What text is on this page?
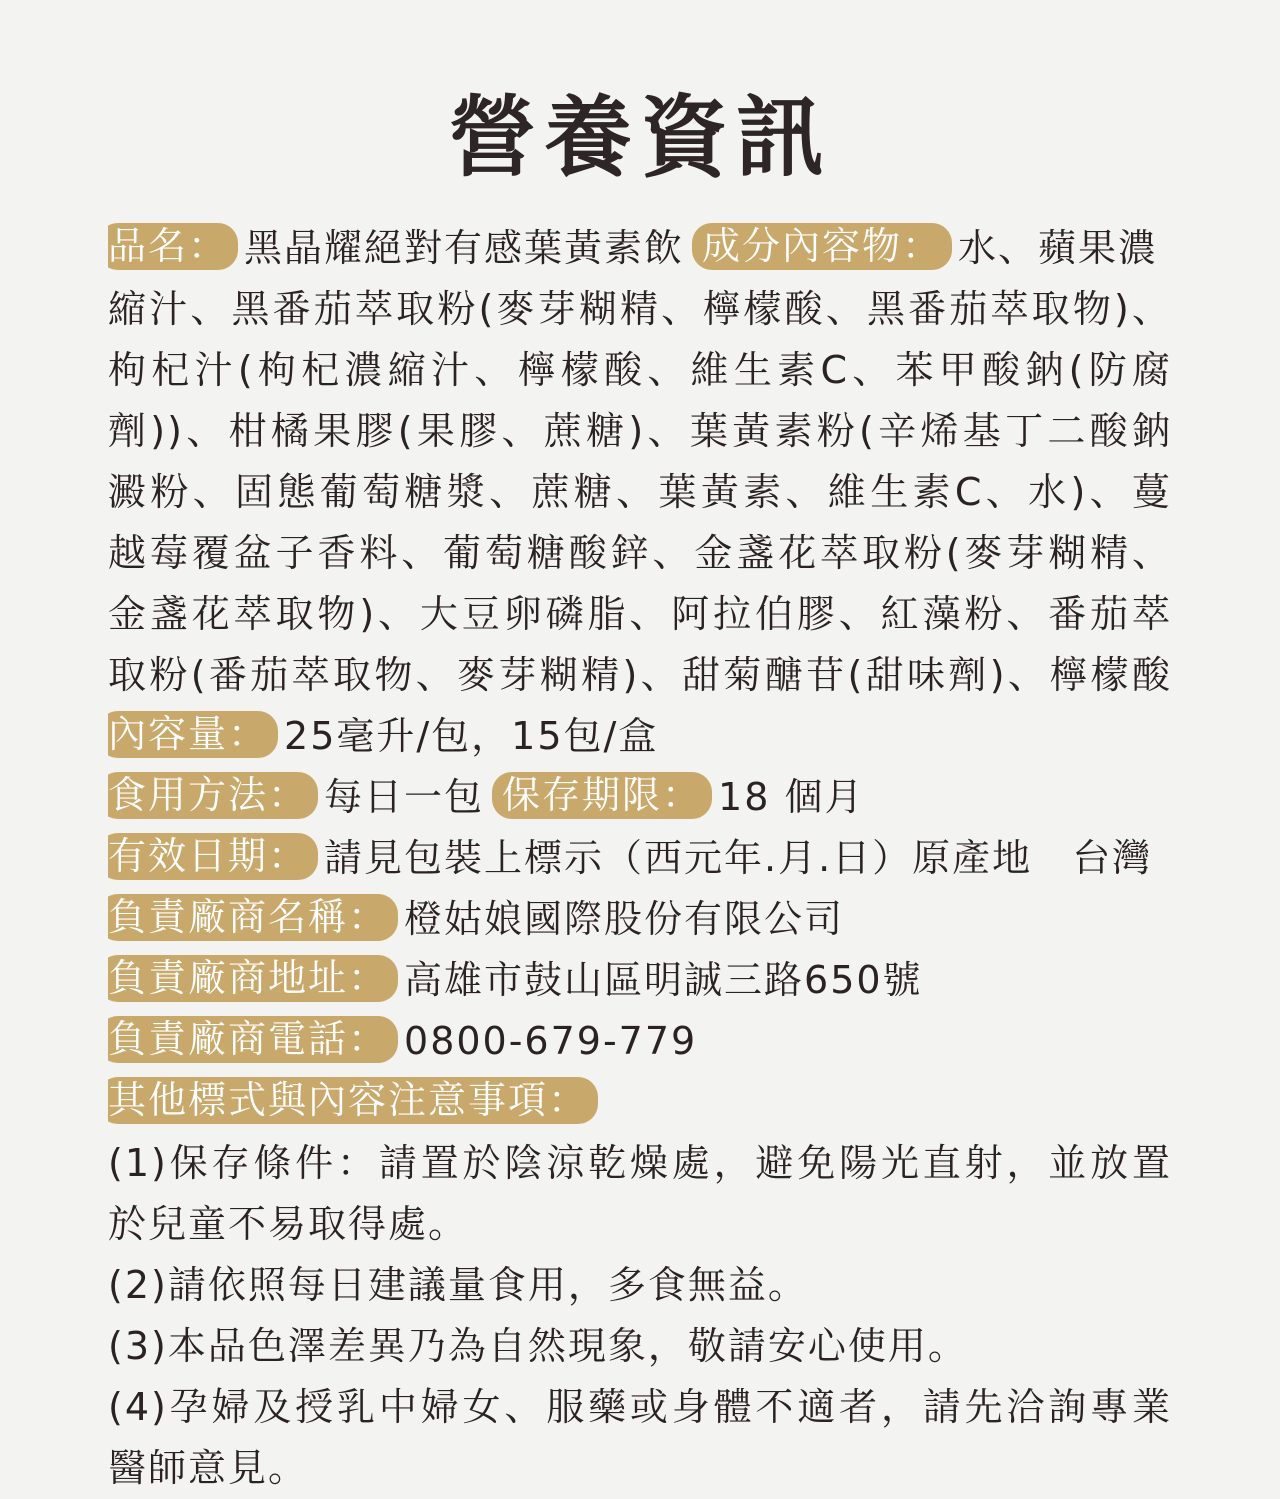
營養資訊
品名： 黑晶耀絕對有感葉黃素飲 成分內容物： 水、蘋果濃
縮汁、黑番茄萃取粉(麥芽糊精、檸檬酸、黑番茄萃取物)、
枸杞汁(枸杞濃縮汁、檸檬酸、維生素C、苯甲酸鈉(防腐
劑))、柑橘果膠(果膠、蔗糖)、葉黃素粉(辛烯基丁二酸鈉
澱粉、固態葡萄糖漿、蔗糖、葉黃素、維生素C、水)、蔓
越莓覆盆子香料、葡萄糖酸鋅、金盞花萃取粉(麥芽糊精、
金盞花萃取物)、大豆卵磷脂、阿拉伯膠、紅藻粉、番茄萃
取粉(番茄萃取物、麥芽糊精)、甜菊醣苷(甜味劑)、檸檬酸
內容量： 25毫升/包，15包/盒
食用方法： 每日一包 保存期限： 18 個月
有效日期： 請見包裝上標示（西元年.月.日）原產地 台灣
負責廠商名稱： 橙姑娘國際股份有限公司
負責廠商地址： 高雄市鼓山區明誠三路650號
負責廠商電話： 0800-679-779
其他標式與內容注意事項：
(1)保存條件：請置於陰涼乾燥處，避免陽光直射，並放置
於兒童不易取得處。
(2)請依照每日建議量食用，多食無益。
(3)本品色澤差異乃為自然現象，敬請安心使用。
(4)孕婦及授乳中婦女、服藥或身體不適者，請先洽詢專業
醫師意見。
